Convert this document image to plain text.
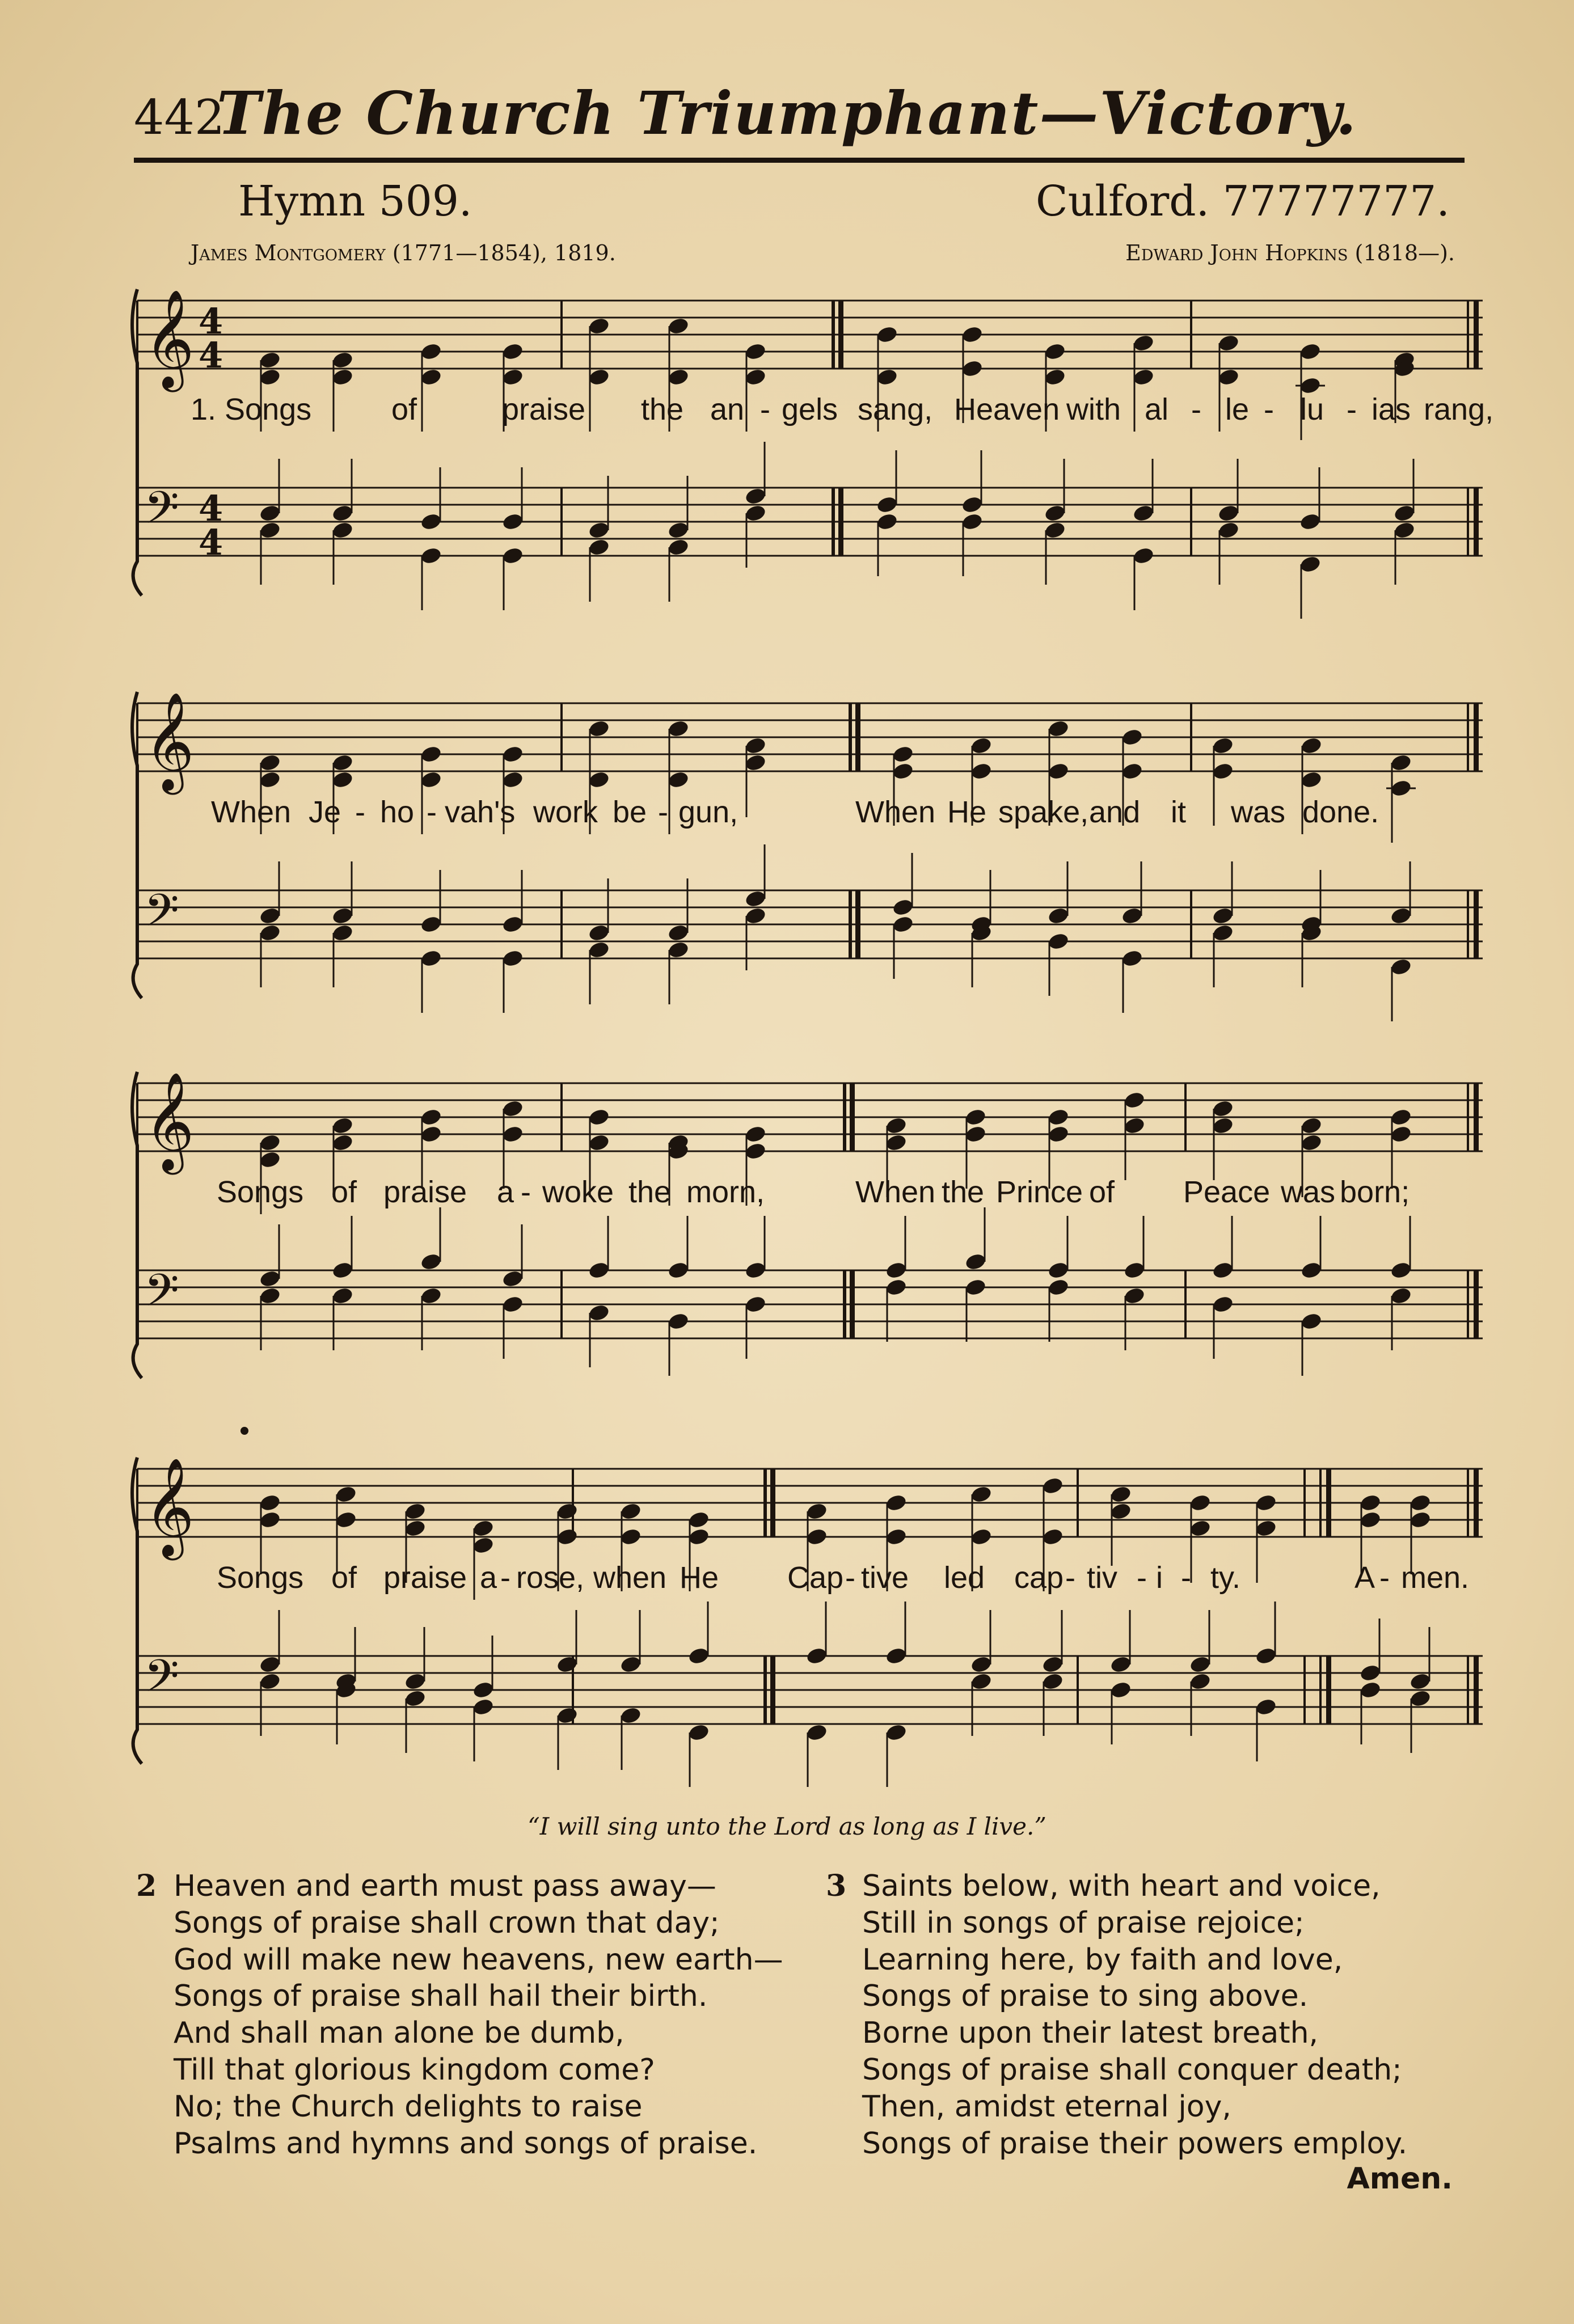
442
The Church Triumphant—Victory.
Hymn 509.	Culford. 77777777.
James Montgomery (1771—1854), 1819.	Edward John Hopkins (1818—).
𝄞 4
4
𝄢 4
4
1. Songs	of	praise the an - gels sang, Heaven with al - le - lu - ias rang,
𝄞
𝄢
When Je - ho - vah's work be - gun,	When He spake, and it was done.
𝄞
𝄢
Songs of praise a - woke the morn,	When the Prince of Peace was born;
𝄞
𝄢
Songs of praise a - rose, when He Cap - tive led cap - tiv - i - ty.	A - men.
“I will sing unto the Lord as long as I live.”
2 Heaven and earth must pass away—
Songs of praise shall crown that day;
God will make new heavens, new earth—
Songs of praise shall hail their birth.
And shall man alone be dumb,
Till that glorious kingdom come?
No; the Church delights to raise
Psalms and hymns and songs of praise.
3 Saints below, with heart and voice,
Still in songs of praise rejoice;
Learning here, by faith and love,
Songs of praise to sing above.
Borne upon their latest breath,
Songs of praise shall conquer death;
Then, amidst eternal joy,
Songs of praise their powers employ.
Amen.
